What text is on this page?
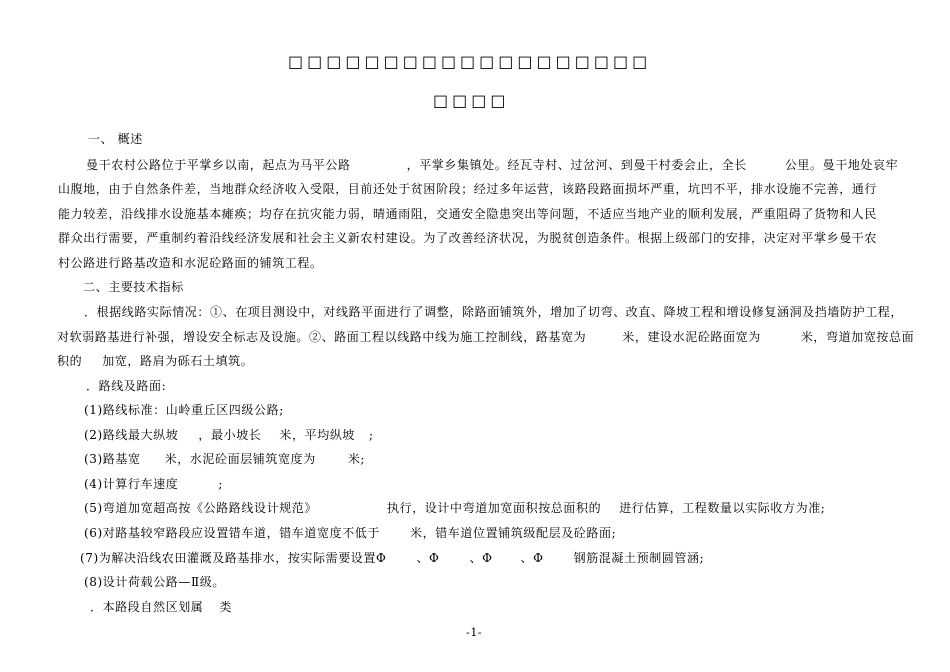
□□□□□□□□□□□□□□□□□□□
□□□□
一、 概述
曼干农村公路位于平掌乡以南，起点为马平公路	，平掌乡集镇处。经瓦寺村、过岔河、到曼干村委会止，全长	公里。曼干地处哀牢
山腹地，由于自然条件差，当地群众经济收入受限，目前还处于贫困阶段；经过多年运营，该路段路面损坏严重，坑凹不平，排水设施不完善，通行
能力较差，沿线排水设施基本瘫痪；均存在抗灾能力弱，晴通雨阻，交通安全隐患突出等问题，不适应当地产业的顺利发展，严重阻碍了货物和人民
群众出行需要，严重制约着沿线经济发展和社会主义新农村建设。为了改善经济状况，为脱贫创造条件。根据上级部门的安排，决定对平掌乡曼干农
村公路进行路基改造和水泥砼路面的铺筑工程。
二、主要技术指标
．根据线路实际情况：①、在项目测设中，对线路平面进行了调整，除路面铺筑外，增加了切弯、改直、降坡工程和增设修复涵洞及挡墙防护工程，
对软弱路基进行补强，增设安全标志及设施。②、路面工程以线路中线为施工控制线，路基宽为	米，建设水泥砼路面宽为	米，弯道加宽按总面
积的 加宽，路肩为砾石土填筑。
．路线及路面:
(1)路线标准：山岭重丘区四级公路;
(2)路线最大纵坡 ，最小坡长 米，平均纵坡 ;
(3)路基宽 米，水泥砼面层铺筑宽度为	米;
(4)计算行车速度	;
(5)弯道加宽超高按《公路路线设计规范》	执行，设计中弯道加宽面积按总面积的 进行估算，工程数量以实际收方为准;
(6)对路基较窄路段应设置错车道，错车道宽度不低于	米，错车道位置铺筑级配层及砼路面;
(7)为解决沿线农田灌溉及路基排水，按实际需要设置Φ	、Φ	、Φ 、Φ	钢筋混凝土预制圆管涵;
(8)设计荷载公路—Ⅱ级。
．本路段自然区划属 类
-1-
